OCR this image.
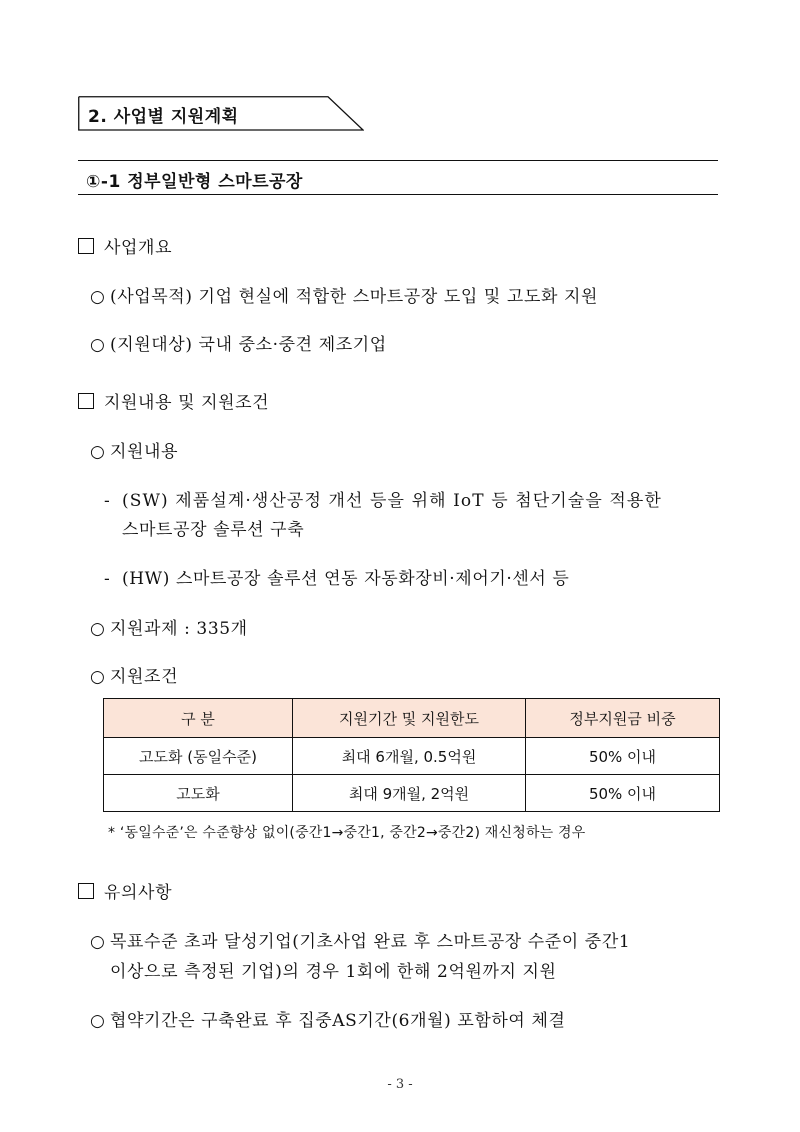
2. 사업별 지원계획
①-1 정부일반형 스마트공장
사업개요
○ (사업목적) 기업 현실에 적합한 스마트공장 도입 및 고도화 지원
○ (지원대상) 국내 중소·중견 제조기업
지원내용 및 지원조건
○ 지원내용
- (SW) 제품설계·생산공정 개선 등을 위해 IoT 등 첨단기술을 적용한
스마트공장 솔루션 구축
- (HW) 스마트공장 솔루션 연동 자동화장비·제어기·센서 등
○ 지원과제 : 335개
○ 지원조건
구 분	지원기간 및 지원한도	정부지원금 비중
고도화 (동일수준)	최대 6개월, 0.5억원	50% 이내
고도화	최대 9개월, 2억원	50% 이내
* ‘동일수준’은 수준향상 없이(중간1→중간1, 중간2→중간2) 재신청하는 경우
유의사항
○ 목표수준 초과 달성기업(기초사업 완료 후 스마트공장 수준이 중간1
이상으로 측정된 기업)의 경우 1회에 한해 2억원까지 지원
○ 협약기간은 구축완료 후 집중AS기간(6개월) 포함하여 체결
- 3 -
